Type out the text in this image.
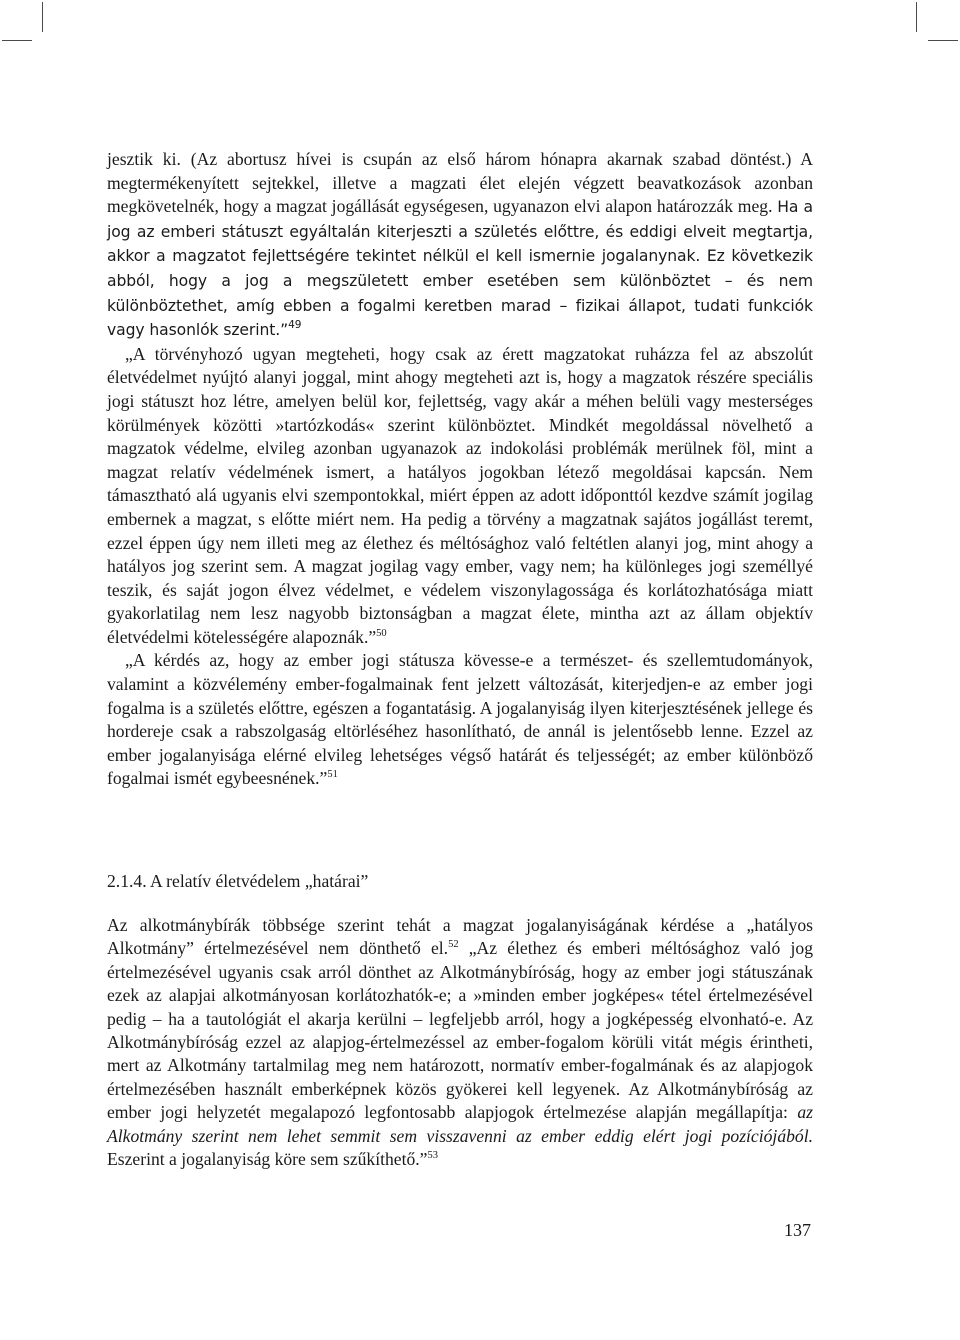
jesztik ki. (Az abortusz hívei is csupán az első három hónapra akarnak szabad döntést.) A megtermékenyített sejtekkel, illetve a magzati élet elején végzett beavatkozások azonban megkövetelnék, hogy a magzat jogállását egységesen, ugyanazon elvi alapon határozzák meg. Ha a jog az emberi státuszt egyáltalán kiterjeszti a születés előttre, és eddigi elveit megtartja, akkor a magzatot fejlettségére tekintet nélkül el kell ismernie jogalanynak. Ez következik abból, hogy a jog a megszületett ember esetében sem különböztet – és nem különböztethet, amíg ebben a fogalmi keretben marad – fizikai állapot, tudati funkciók vagy hasonlók szerint.”$^{49}$

„A törvényhozó ugyan megteheti, hogy csak az érett magzatokat ruházza fel az abszolút életvédelmet nyújtó alanyi joggal, mint ahogy megteheti azt is, hogy a magzatok részére speciális jogi státuszt hoz létre, amelyen belül kor, fejlettség, vagy akár a méhen belüli vagy mesterséges körülmények közötti »tartózkodás« szerint különböztet. Mindkét megoldással növelhető a magzatok védelme, elvileg azonban ugyanazok az indokolási problémák merülnek föl, mint a magzat relatív védelmének ismert, a hatályos jogokban létező megoldásai kapcsán. Nem támasztható alá ugyanis elvi szempontokkal, miért éppen az adott időponttól kezdve számít jogilag embernek a magzat, s előtte miért nem. Ha pedig a törvény a magzatnak sajátos jogállást teremt, ezzel éppen úgy nem illeti meg az élethez és méltósághoz való feltétlen alanyi jog, mint ahogy a hatályos jog szerint sem. A magzat jogilag vagy ember, vagy nem; ha különleges jogi személlyé teszik, és saját jogon élvez védelmet, e védelem viszonylagossága és korlátozhatósága miatt gyakorlatilag nem lesz nagyobb biztonságban a magzat élete, mintha azt az állam objektív életvédelmi kötelességére alapoznák.”$^{50}$

„A kérdés az, hogy az ember jogi státusza kövesse-e a természet- és szellemtudományok, valamint a közvélemény ember-fogalmainak fent jelzett változását, kiterjedjen-e az ember jogi fogalma is a születés előttre, egészen a fogantatásig. A jogalanyiság ilyen kiterjesztésének jellege és hordereje csak a rabszolgaság eltörléséhez hasonlítható, de annál is jelentősebb lenne. Ezzel az ember jogalanyisága elérné elvileg lehetséges végső határát és teljességét; az ember különböző fogalmai ismét egybeesnének.”$^{51}$

2.1.4. A relatív életvédelem „határai”

Az alkotmánybírák többsége szerint tehát a magzat jogalanyiságának kérdése a „hatályos Alkotmány” értelmezésével nem dönthető el.$^{52}$ „Az élethez és emberi méltósághoz való jog értelmezésével ugyanis csak arról dönthet az Alkotmánybíróság, hogy az ember jogi státuszának ezek az alapjai alkotmányosan korlátozhatók-e; a »minden ember jogképes« tétel értelmezésével pedig – ha a tautológiát el akarja kerülni – legfeljebb arról, hogy a jogképesség elvonható-e. Az Alkotmánybíróság ezzel az alapjog-értelmezéssel az ember-fogalom körüli vitát mégis érintheti, mert az Alkotmány tartalmilag meg nem határozott, normatív ember-fogalmának és az alapjogok értelmezésében használt emberképnek közös gyökerei kell legyenek. Az Alkotmánybíróság az ember jogi helyzetét megalapozó legfontosabb alapjogok értelmezése alapján megállapítja: az Alkotmány szerint nem lehet semmit sem visszavenni az ember eddig elért jogi pozíciójából. Eszerint a jogalanyiság köre sem szűkíthető.”$^{53}$

137
